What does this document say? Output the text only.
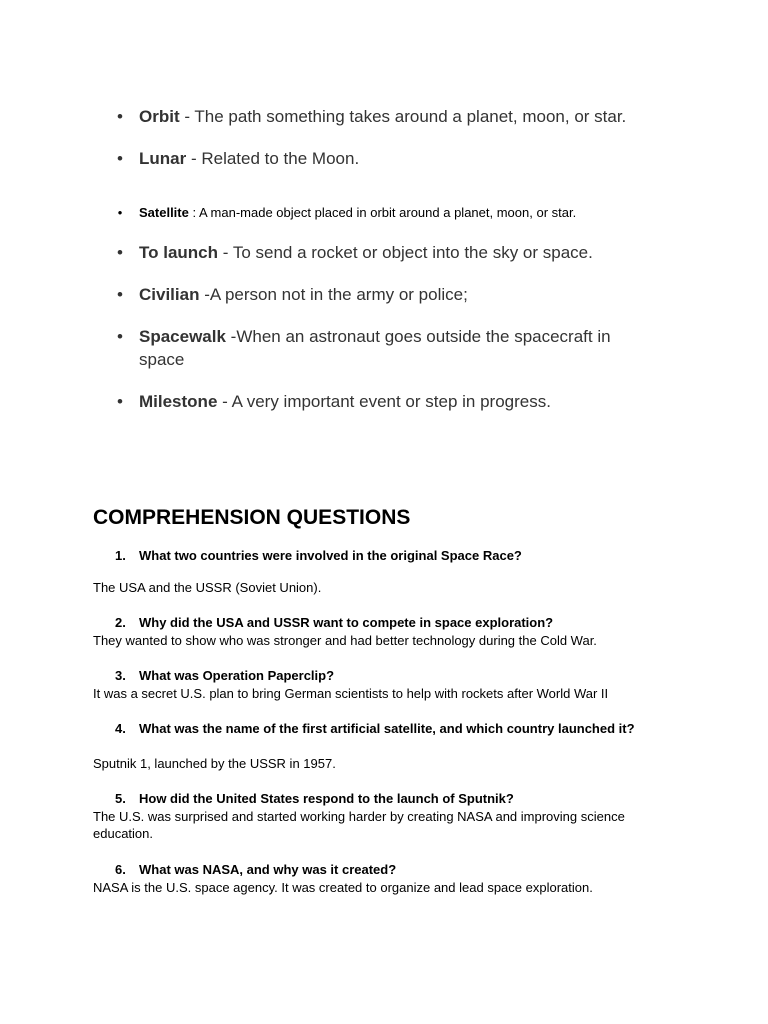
• Orbit - The path something takes around a planet, moon, or star.
• Lunar - Related to the Moon.
• Satellite : A man-made object placed in orbit around a planet, moon, or star.
• To launch - To send a rocket or object into the sky or space.
• Civilian -A person not in the army or police;
• Spacewalk -When an astronaut goes outside the spacecraft in space
• Milestone - A very important event or step in progress.
COMPREHENSION QUESTIONS
1. What two countries were involved in the original Space Race?
The USA and the USSR (Soviet Union).
2. Why did the USA and USSR want to compete in space exploration?
They wanted to show who was stronger and had better technology during the Cold War.
3. What was Operation Paperclip?
It was a secret U.S. plan to bring German scientists to help with rockets after World War II
4. What was the name of the first artificial satellite, and which country launched it?
Sputnik 1, launched by the USSR in 1957.
5. How did the United States respond to the launch of Sputnik?
The U.S. was surprised and started working harder by creating NASA and improving science education.
6. What was NASA, and why was it created?
NASA is the U.S. space agency. It was created to organize and lead space exploration.
